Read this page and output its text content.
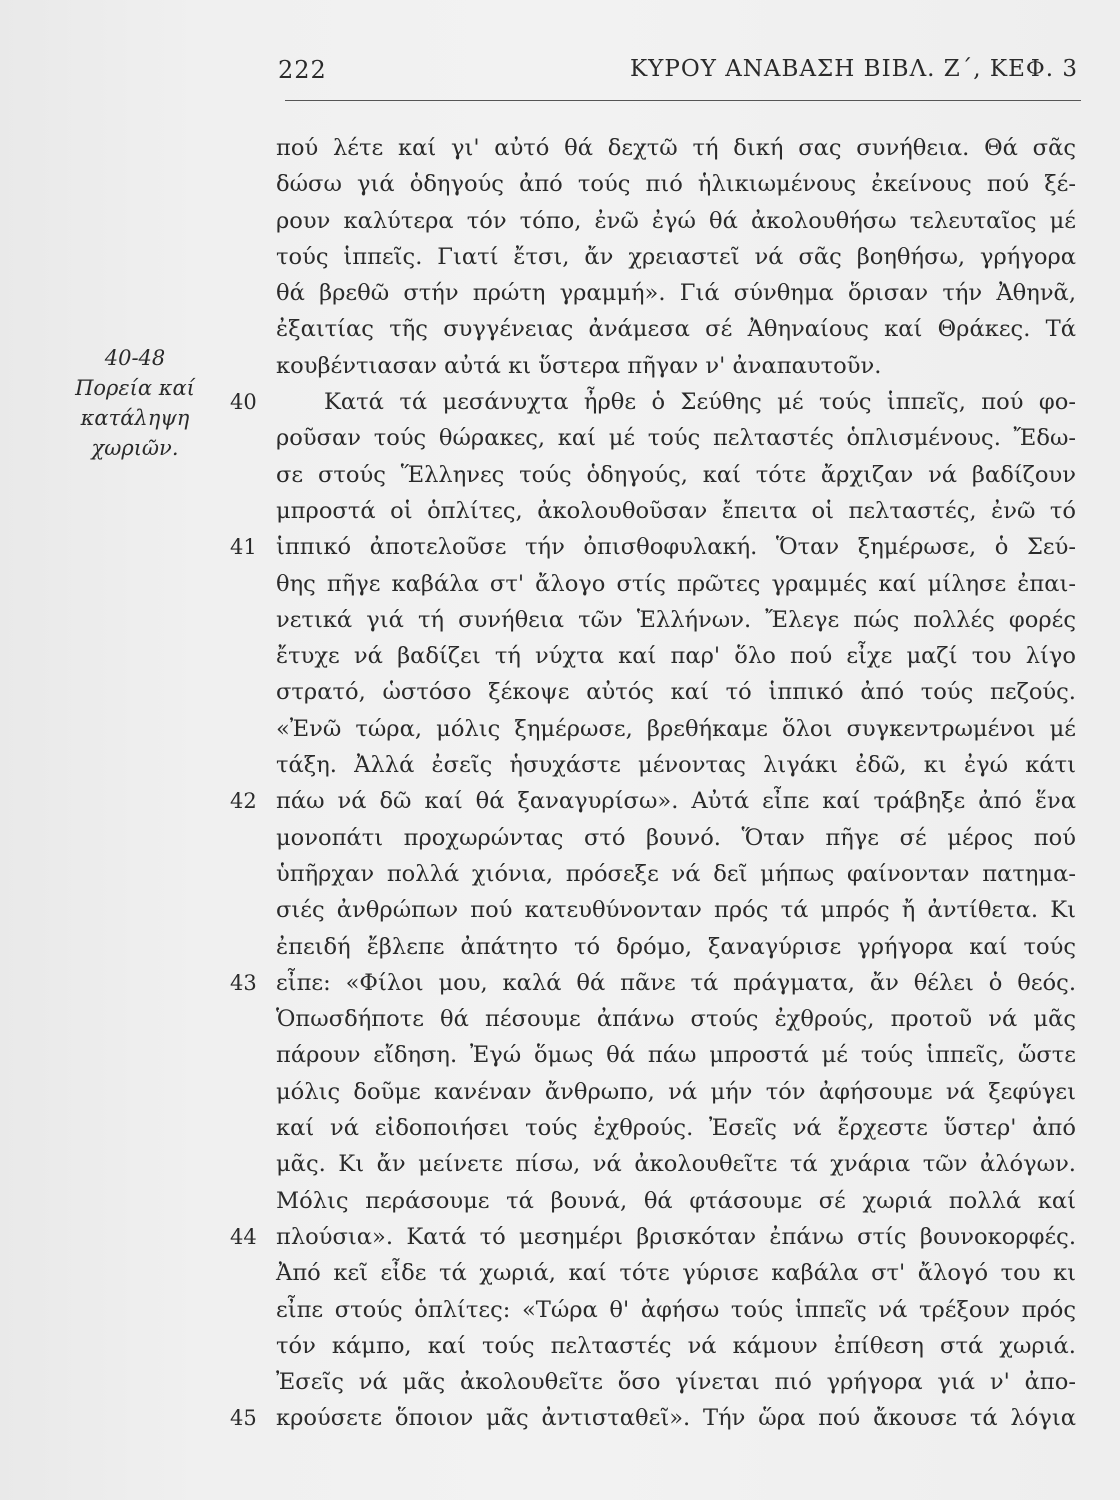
222	ΚΥΡΟΥ ΑΝΑΒΑΣΗ ΒΙΒΛ. Ζ΄, ΚΕΦ. 3
40-48
Πορεία καί
κατάληψη
χωριῶν.
πού λέτε καί γι' αὐτό θά δεχτῶ τή δική σας συνήθεια. Θά σᾶς
δώσω γιά ὁδηγούς ἀπό τούς πιό ἡλικιωμένους ἐκείνους πού ξέ-
ρουν καλύτερα τόν τόπο, ἐνῶ ἐγώ θά ἀκολουθήσω τελευταῖος μέ
τούς ἱππεῖς. Γιατί ἔτσι, ἄν χρειαστεῖ νά σᾶς βοηθήσω, γρήγορα
θά βρεθῶ στήν πρώτη γραμμή». Γιά σύνθημα ὅρισαν τήν Ἀθηνᾶ,
ἐξαιτίας τῆς συγγένειας ἀνάμεσα σέ Ἀθηναίους καί Θράκες. Τά
κουβέντιασαν αὐτά κι ὕστερα πῆγαν ν' ἀναπαυτοῦν.
40	Κατά τά μεσάνυχτα ἦρθε ὁ Σεύθης μέ τούς ἱππεῖς, πού φο-
ροῦσαν τούς θώρακες, καί μέ τούς πελταστές ὁπλισμένους. Ἔδω-
σε στούς Ἕλληνες τούς ὁδηγούς, καί τότε ἄρχιζαν νά βαδίζουν
μπροστά οἱ ὁπλίτες, ἀκολουθοῦσαν ἔπειτα οἱ πελταστές, ἐνῶ τό
41 ἱππικό ἀποτελοῦσε τήν ὀπισθοφυλακή. Ὅταν ξημέρωσε, ὁ Σεύ-
θης πῆγε καβάλα στ' ἄλογο στίς πρῶτες γραμμές καί μίλησε ἐπαι-
νετικά γιά τή συνήθεια τῶν Ἑλλήνων. Ἔλεγε πώς πολλές φορές
ἔτυχε νά βαδίζει τή νύχτα καί παρ' ὅλο πού εἶχε μαζί του λίγο
στρατό, ὡστόσο ξέκοψε αὐτός καί τό ἱππικό ἀπό τούς πεζούς.
«Ἐνῶ τώρα, μόλις ξημέρωσε, βρεθήκαμε ὅλοι συγκεντρωμένοι μέ
τάξη. Ἀλλά ἐσεῖς ἡσυχάστε μένοντας λιγάκι ἐδῶ, κι ἐγώ κάτι
42 πάω νά δῶ καί θά ξαναγυρίσω». Αὐτά εἶπε καί τράβηξε ἀπό ἕνα
μονοπάτι προχωρώντας στό βουνό. Ὅταν πῆγε σέ μέρος πού
ὑπῆρχαν πολλά χιόνια, πρόσεξε νά δεῖ μήπως φαίνονταν πατημα-
σιές ἀνθρώπων πού κατευθύνονταν πρός τά μπρός ἤ ἀντίθετα. Κι
ἐπειδή ἔβλεπε ἀπάτητο τό δρόμο, ξαναγύρισε γρήγορα καί τούς
43 εἶπε: «Φίλοι μου, καλά θά πᾶνε τά πράγματα, ἄν θέλει ὁ θεός.
Ὁπωσδήποτε θά πέσουμε ἀπάνω στούς ἐχθρούς, προτοῦ νά μᾶς
πάρουν εἴδηση. Ἐγώ ὅμως θά πάω μπροστά μέ τούς ἱππεῖς, ὥστε
μόλις δοῦμε κανέναν ἄνθρωπο, νά μήν τόν ἀφήσουμε νά ξεφύγει
καί νά εἰδοποιήσει τούς ἐχθρούς. Ἐσεῖς νά ἔρχεστε ὕστερ' ἀπό
μᾶς. Κι ἄν μείνετε πίσω, νά ἀκολουθεῖτε τά χνάρια τῶν ἀλόγων.
Μόλις περάσουμε τά βουνά, θά φτάσουμε σέ χωριά πολλά καί
44 πλούσια». Κατά τό μεσημέρι βρισκόταν ἐπάνω στίς βουνοκορφές.
Ἀπό κεῖ εἶδε τά χωριά, καί τότε γύρισε καβάλα στ' ἄλογό του κι
εἶπε στούς ὁπλίτες: «Τώρα θ' ἀφήσω τούς ἱππεῖς νά τρέξουν πρός
τόν κάμπο, καί τούς πελταστές νά κάμουν ἐπίθεση στά χωριά.
Ἐσεῖς νά μᾶς ἀκολουθεῖτε ὅσο γίνεται πιό γρήγορα γιά ν' ἀπο-
45 κρούσετε ὅποιον μᾶς ἀντισταθεῖ». Τήν ὥρα πού ἄκουσε τά λόγια
